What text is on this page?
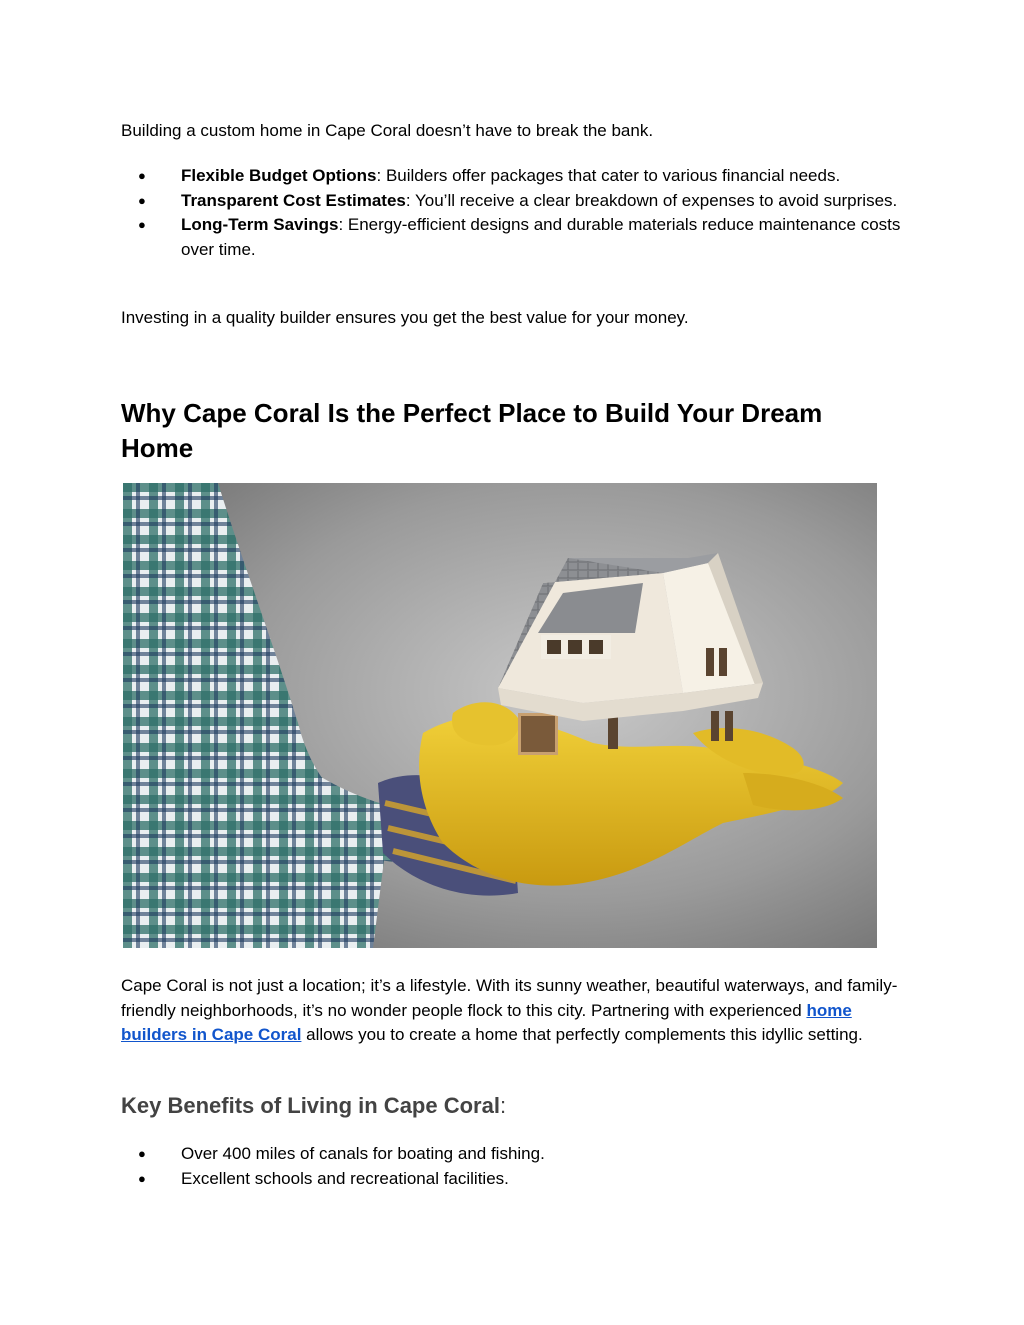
Building a custom home in Cape Coral doesn’t have to break the bank.

● Flexible Budget Options: Builders offer packages that cater to various financial needs.
● Transparent Cost Estimates: You’ll receive a clear breakdown of expenses to avoid surprises.
● Long-Term Savings: Energy-efficient designs and durable materials reduce maintenance costs over time.

Investing in a quality builder ensures you get the best value for your money.

Why Cape Coral Is the Perfect Place to Build Your Dream Home

Cape Coral is not just a location; it’s a lifestyle. With its sunny weather, beautiful waterways, and family-friendly neighborhoods, it’s no wonder people flock to this city. Partnering with experienced home builders in Cape Coral allows you to create a home that perfectly complements this idyllic setting.

Key Benefits of Living in Cape Coral:
● Over 400 miles of canals for boating and fishing.
● Excellent schools and recreational facilities.
